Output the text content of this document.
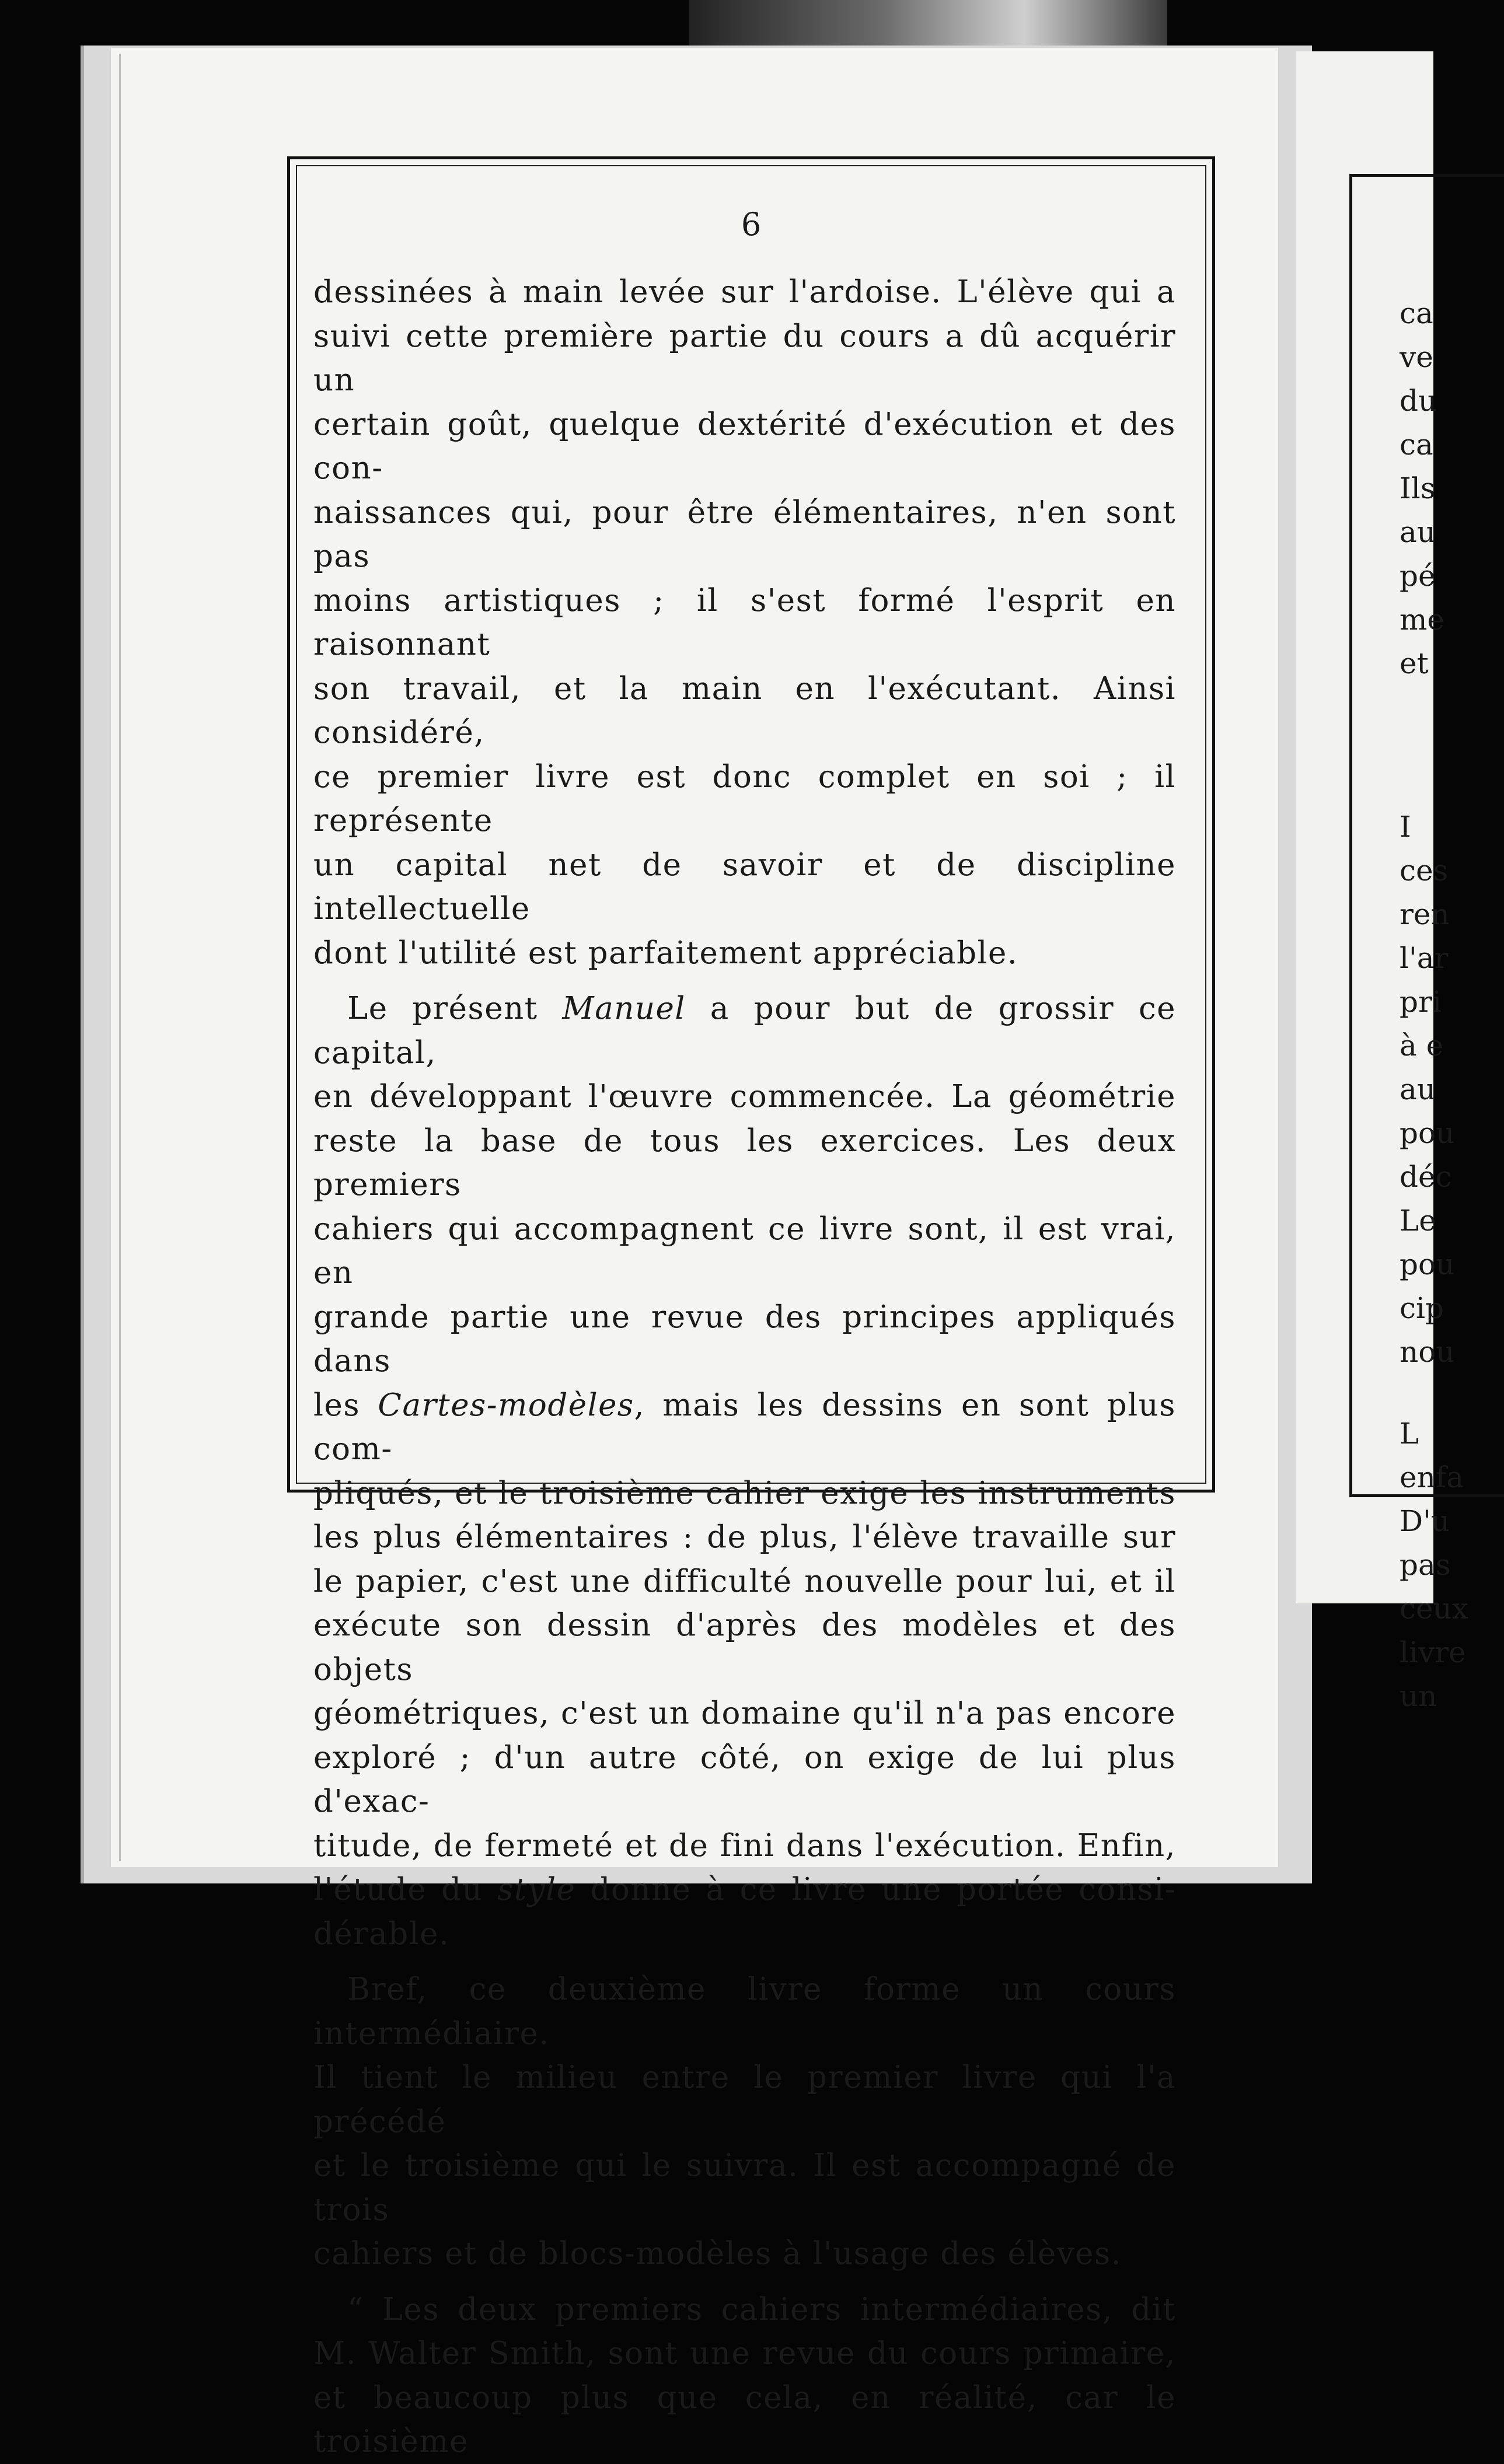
6

dessinées à main levée sur l'ardoise. L'élève qui a
suivi cette première partie du cours a dû acquérir un
certain goût, quelque dextérité d'exécution et des con-
naissances qui, pour être élémentaires, n'en sont pas
moins artistiques ; il s'est formé l'esprit en raisonnant
son travail, et la main en l'exécutant. Ainsi considéré,
ce premier livre est donc complet en soi ; il représente
un capital net de savoir et de discipline intellectuelle
dont l'utilité est parfaitement appréciable.

Le présent Manuel a pour but de grossir ce capital,
en développant l'œuvre commencée. La géométrie
reste la base de tous les exercices. Les deux premiers
cahiers qui accompagnent ce livre sont, il est vrai, en
grande partie une revue des principes appliqués dans
les Cartes-modèles, mais les dessins en sont plus com-
pliqués, et le troisième cahier exige les instruments
les plus élémentaires : de plus, l'élève travaille sur
le papier, c'est une difficulté nouvelle pour lui, et il
exécute son dessin d'après des modèles et des objets
géométriques, c'est un domaine qu'il n'a pas encore
exploré ; d'un autre côté, on exige de lui plus d'exac-
titude, de fermeté et de fini dans l'exécution. Enfin,
l'étude du style donne à ce livre une portée consi-
dérable.

Bref, ce deuxième livre forme un cours intermédiaire.
Il tient le milieu entre le premier livre qui l'a précédé
et le troisième qui le suivra. Il est accompagné de trois
cahiers et de blocs-modèles à l'usage des élèves.

“ Les deux premiers cahiers intermédiaires, dit
M. Walter Smith, sont une revue du cours primaire,
et beaucoup plus que cela, en réalité, car le troisième

ca
ve
du
ca
Ils
au
pé
me
et
I
ces
ren
l'ar
pri
à e
au
pou
déc
Le
pou
cip
nou
L
enfa
D'u
pas
ceux
livre
un
